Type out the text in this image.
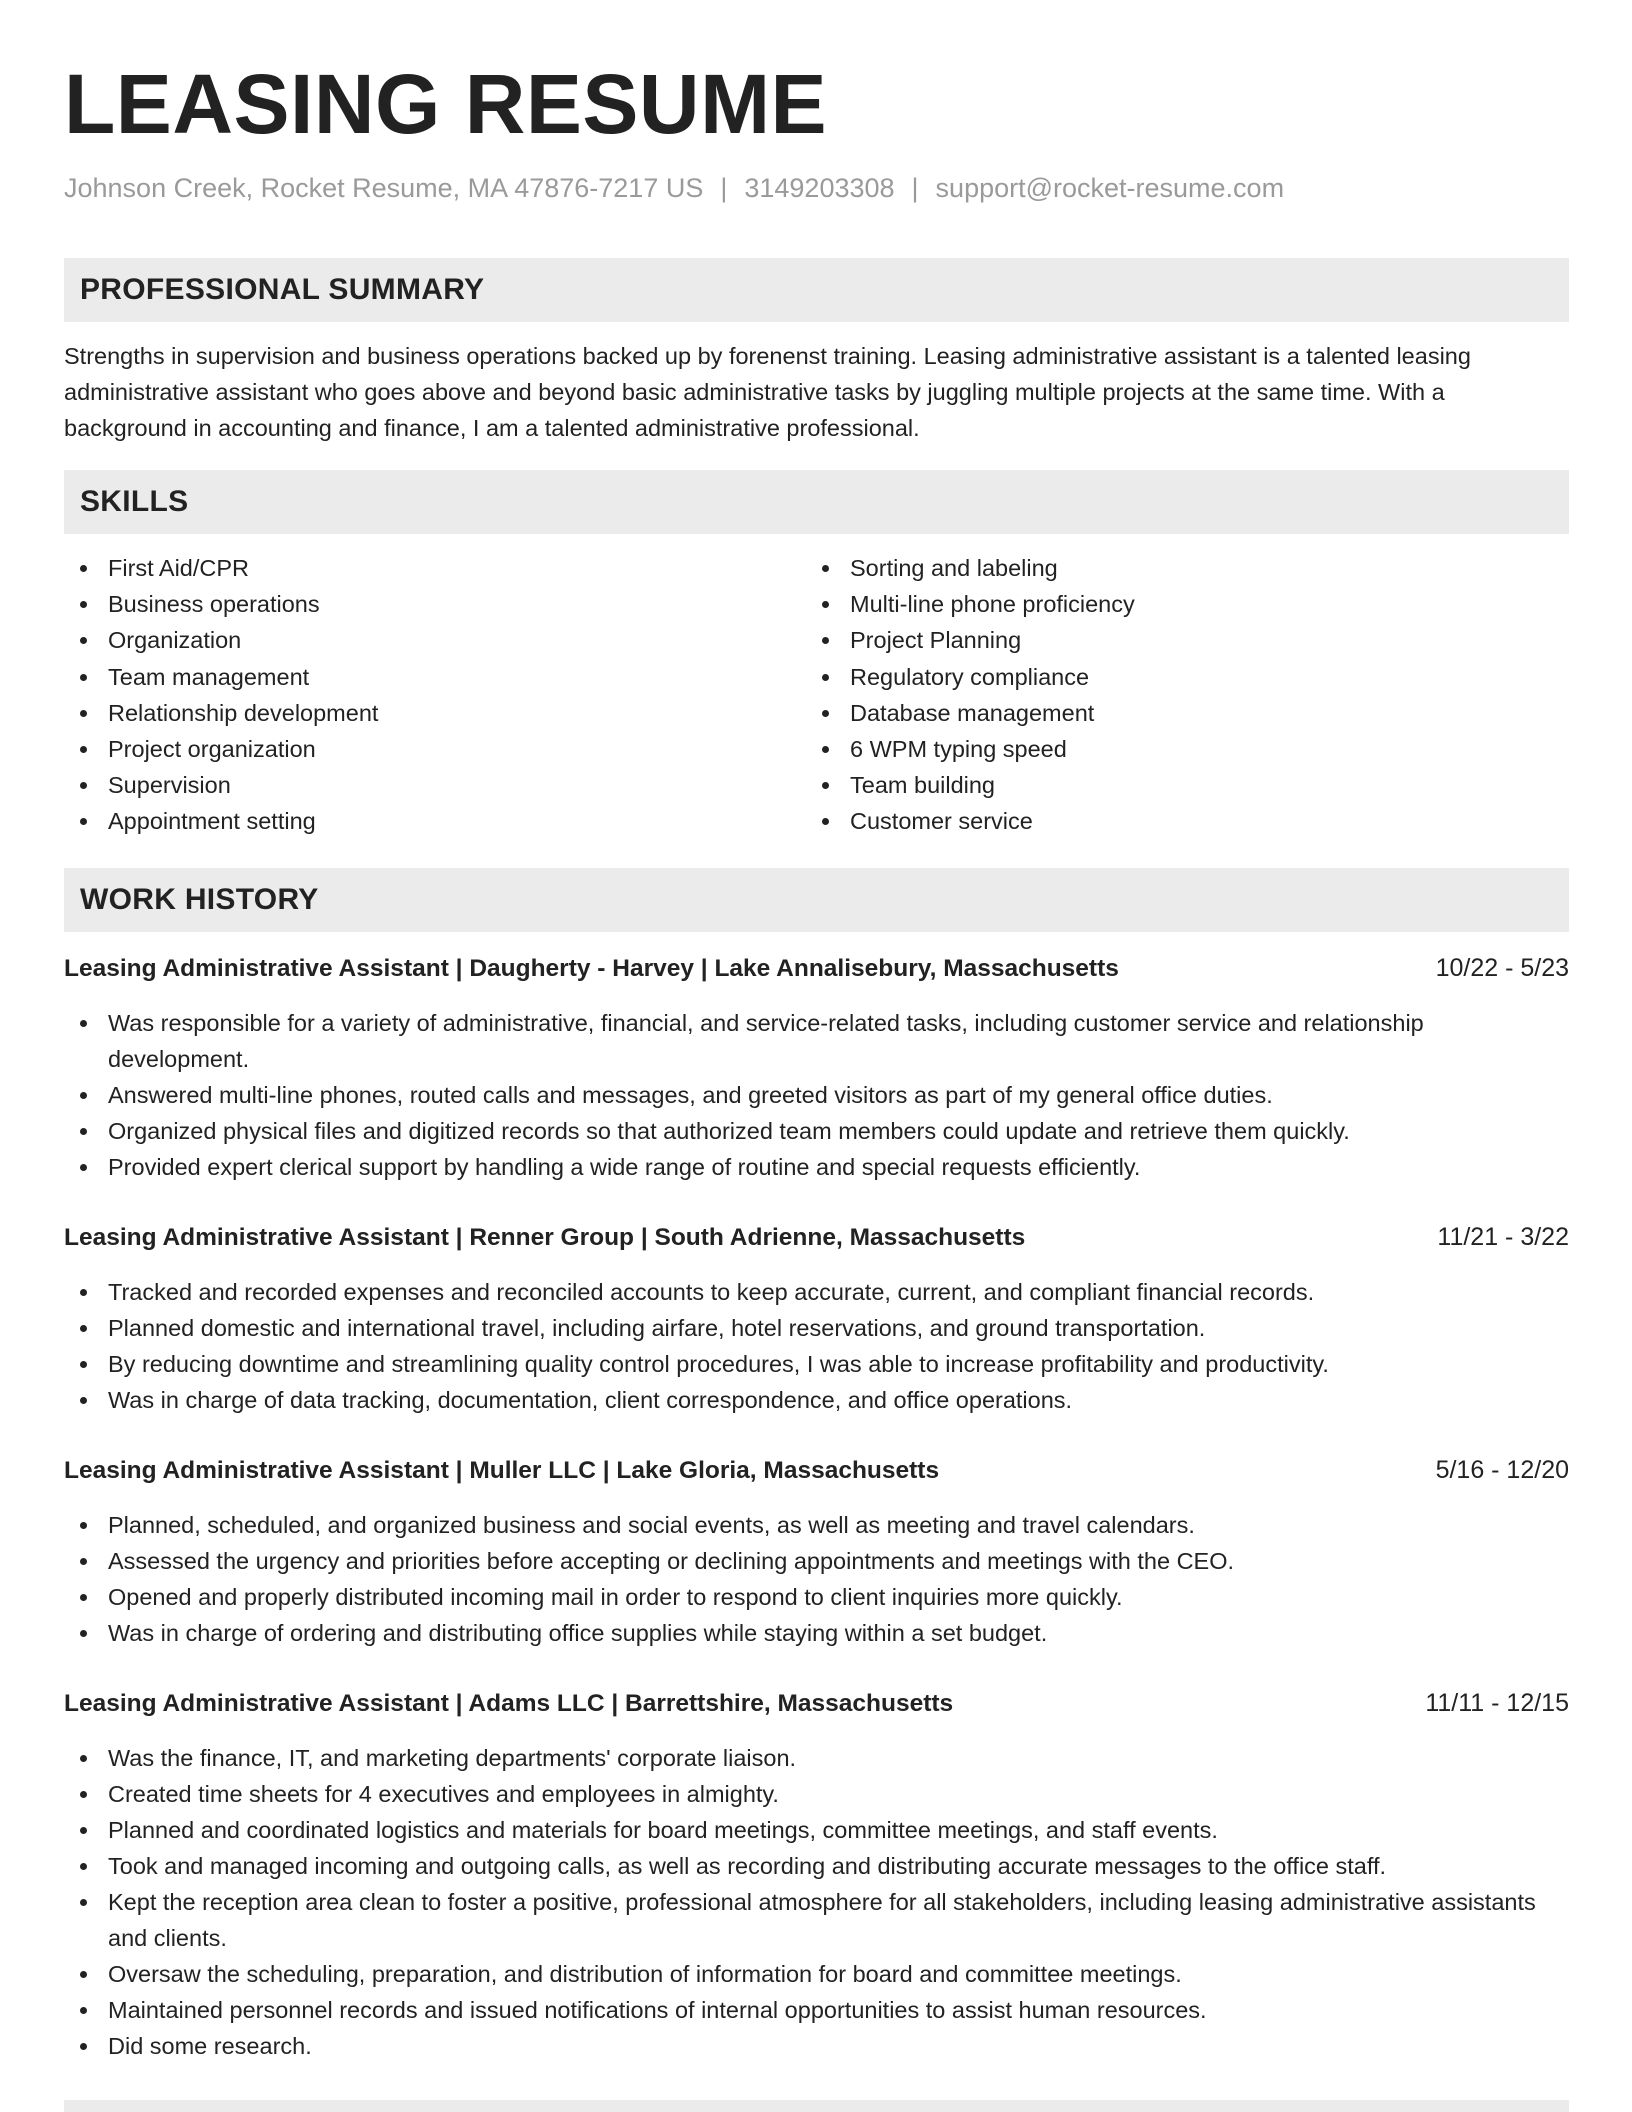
LEASING RESUME
Johnson Creek, Rocket Resume, MA 47876-7217 US | 3149203308 | support@rocket-resume.com
PROFESSIONAL SUMMARY

Strengths in supervision and business operations backed up by forenenst training. Leasing administrative assistant is a talented leasing administrative assistant who goes above and beyond basic administrative tasks by juggling multiple projects at the same time. With a background in accounting and finance, I am a talented administrative professional.

SKILLS
First Aid/CPR
Business operations
Organization
Team management
Relationship development
Project organization
Supervision
Appointment setting
Sorting and labeling
Multi-line phone proficiency
Project Planning
Regulatory compliance
Database management
6 WPM typing speed
Team building
Customer service
WORK HISTORY
Leasing Administrative Assistant | Daugherty - Harvey | Lake Annalisebury, Massachusetts	10/22 - 5/23
Was responsible for a variety of administrative, financial, and service-related tasks, including customer service and relationship development.
Answered multi-line phones, routed calls and messages, and greeted visitors as part of my general office duties.
Organized physical files and digitized records so that authorized team members could update and retrieve them quickly.
Provided expert clerical support by handling a wide range of routine and special requests efficiently.
Leasing Administrative Assistant | Renner Group | South Adrienne, Massachusetts	11/21 - 3/22
Tracked and recorded expenses and reconciled accounts to keep accurate, current, and compliant financial records.
Planned domestic and international travel, including airfare, hotel reservations, and ground transportation.
By reducing downtime and streamlining quality control procedures, I was able to increase profitability and productivity.
Was in charge of data tracking, documentation, client correspondence, and office operations.
Leasing Administrative Assistant | Muller LLC | Lake Gloria, Massachusetts	5/16 - 12/20
Planned, scheduled, and organized business and social events, as well as meeting and travel calendars.
Assessed the urgency and priorities before accepting or declining appointments and meetings with the CEO.
Opened and properly distributed incoming mail in order to respond to client inquiries more quickly.
Was in charge of ordering and distributing office supplies while staying within a set budget.
Leasing Administrative Assistant | Adams LLC | Barrettshire, Massachusetts	11/11 - 12/15
Was the finance, IT, and marketing departments' corporate liaison.
Created time sheets for 4 executives and employees in almighty.
Planned and coordinated logistics and materials for board meetings, committee meetings, and staff events.
Took and managed incoming and outgoing calls, as well as recording and distributing accurate messages to the office staff.
Kept the reception area clean to foster a positive, professional atmosphere for all stakeholders, including leasing administrative assistants and clients.
Oversaw the scheduling, preparation, and distribution of information for board and committee meetings.
Maintained personnel records and issued notifications of internal opportunities to assist human resources.
Did some research.
